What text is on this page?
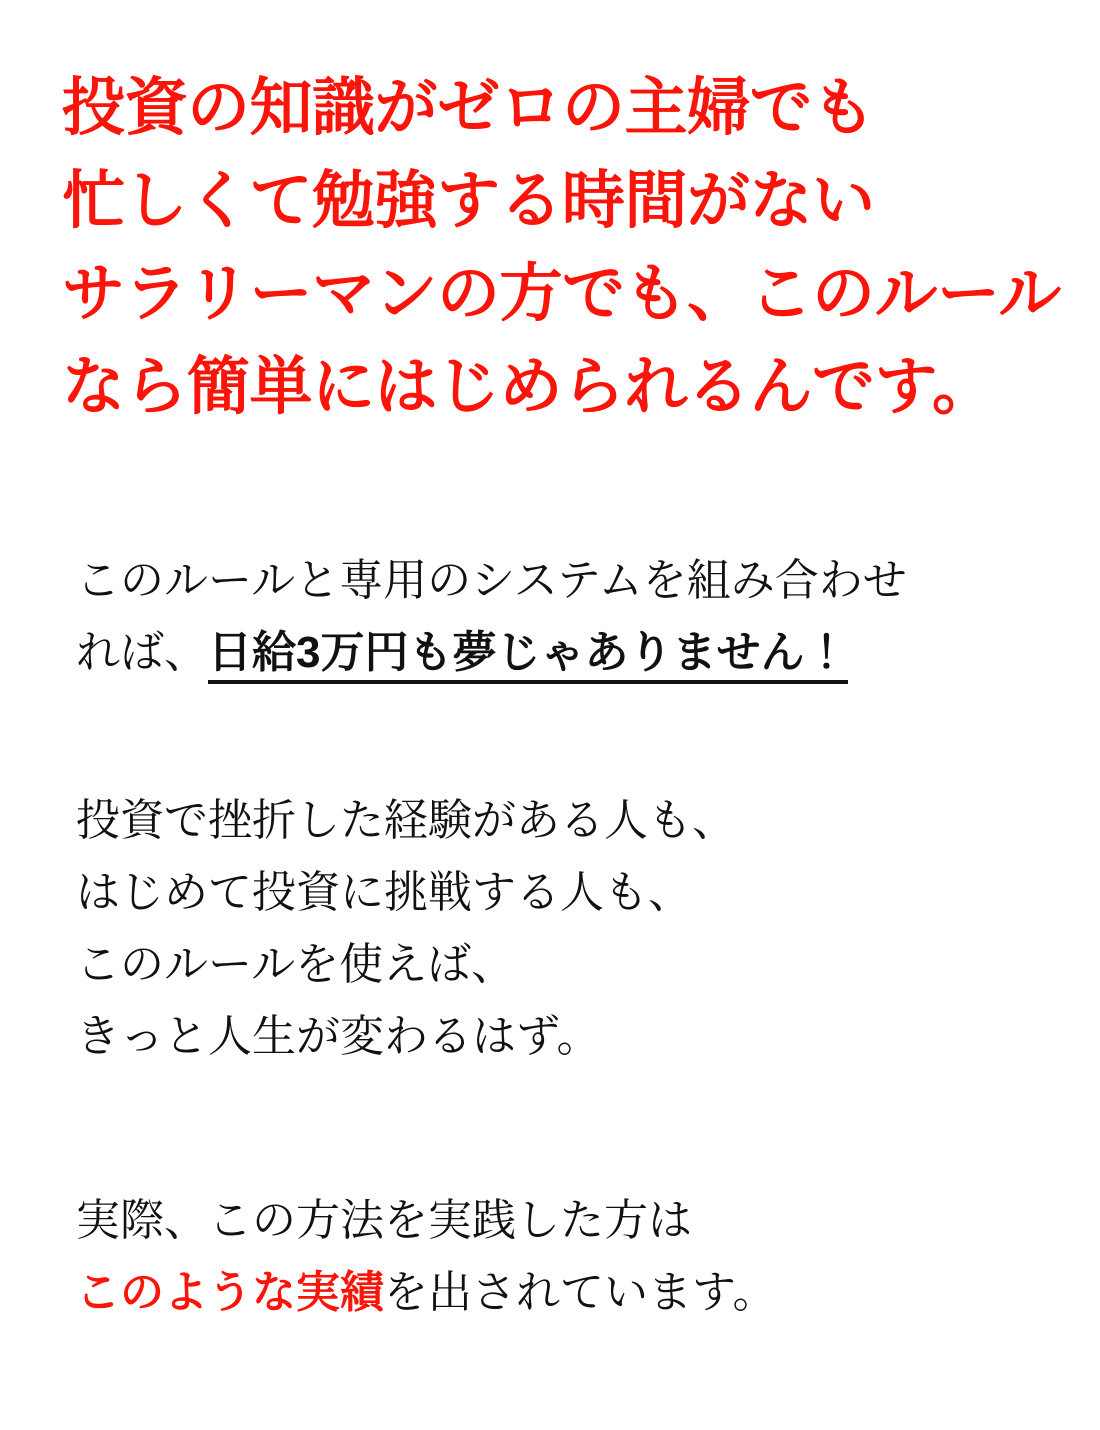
投資の知識がゼロの主婦でも
忙しくて勉強する時間がない
サラリーマンの方でも、このルール
なら簡単にはじめられるんです。
このルールと専用のシステムを組み合わせ
れば、日給3万円も夢じゃありません！
投資で挫折した経験がある人も、
はじめて投資に挑戦する人も、
このルールを使えば、
きっと人生が変わるはず。
実際、この方法を実践した方は
このような実績を出されています。
